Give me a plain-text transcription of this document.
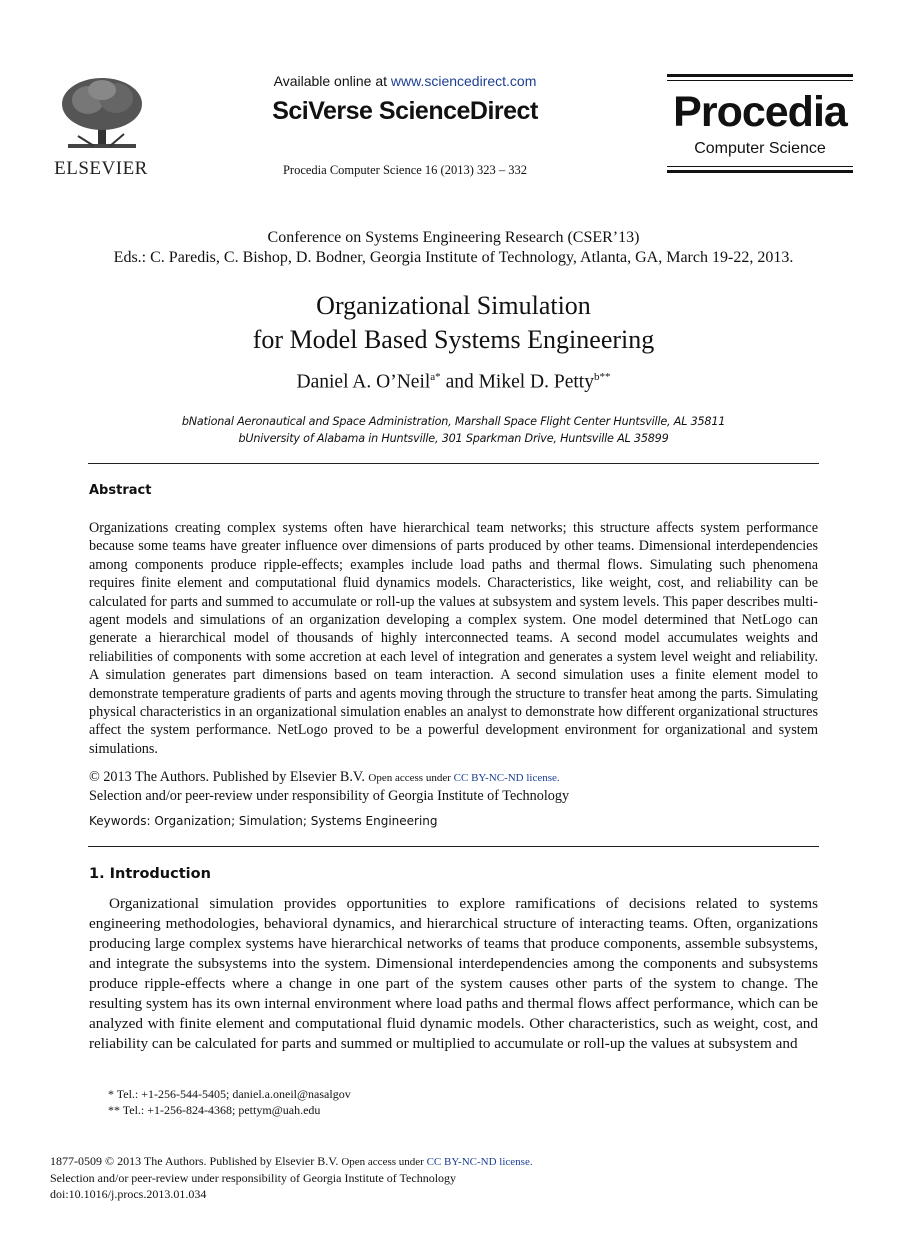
ELSEVIER
Available online at www.sciencedirect.com
SciVerse ScienceDirect
Procedia Computer Science 16 (2013) 323 – 332
Procedia
Computer Science
Conference on Systems Engineering Research (CSER’13)
Eds.: C. Paredis, C. Bishop, D. Bodner, Georgia Institute of Technology, Atlanta, GA, March 19-22, 2013.
Organizational Simulation
for Model Based Systems Engineering
Daniel A. O’Neil$^{a*}$ and Mikel D. Petty$^{b**}$
bNational Aeronautical and Space Administration, Marshall Space Flight Center Huntsville, AL 35811
bUniversity of Alabama in Huntsville, 301 Sparkman Drive, Huntsville AL 35899
Abstract
Organizations creating complex systems often have hierarchical team networks; this structure affects system performance because some teams have greater influence over dimensions of parts produced by other teams. Dimensional interdependencies among components produce ripple-effects; examples include load paths and thermal flows. Simulating such phenomena requires finite element and computational fluid dynamics models. Characteristics, like weight, cost, and reliability can be calculated for parts and summed to accumulate or roll-up the values at subsystem and system levels. This paper describes multi-agent models and simulations of an organization developing a complex system. One model determined that NetLogo can generate a hierarchical model of thousands of highly interconnected teams. A second model accumulates weights and reliabilities of components with some accretion at each level of integration and generates a system level weight and reliability. A simulation generates part dimensions based on team interaction. A second simulation uses a finite element model to demonstrate temperature gradients of parts and agents moving through the structure to transfer heat among the parts. Simulating physical characteristics in an organizational simulation enables an analyst to demonstrate how different organizational structures affect the system performance. NetLogo proved to be a powerful development environment for organizational and system simulations.
© 2013 The Authors. Published by Elsevier B.V. Open access under CC BY-NC-ND license.
Selection and/or peer-review under responsibility of Georgia Institute of Technology
Keywords: Organization; Simulation; Systems Engineering
1. Introduction
Organizational simulation provides opportunities to explore ramifications of decisions related to systems engineering methodologies, behavioral dynamics, and hierarchical structure of interacting teams. Often, organizations producing large complex systems have hierarchical networks of teams that produce components, assemble subsystems, and integrate the subsystems into the system. Dimensional interdependencies among the components and subsystems produce ripple-effects where a change in one part of the system causes other parts of the system to change. The resulting system has its own internal environment where load paths and thermal flows affect performance, which can be analyzed with finite element and computational fluid dynamic models. Other characteristics, such as weight, cost, and reliability can be calculated for parts and summed or multiplied to accumulate or roll-up the values at subsystem and
* Tel.: +1-256-544-5405; daniel.a.oneil@nasalgov
** Tel.: +1-256-824-4368; pettym@uah.edu
1877-0509 © 2013 The Authors. Published by Elsevier B.V. Open access under CC BY-NC-ND license.
Selection and/or peer-review under responsibility of Georgia Institute of Technology
doi:10.1016/j.procs.2013.01.034
